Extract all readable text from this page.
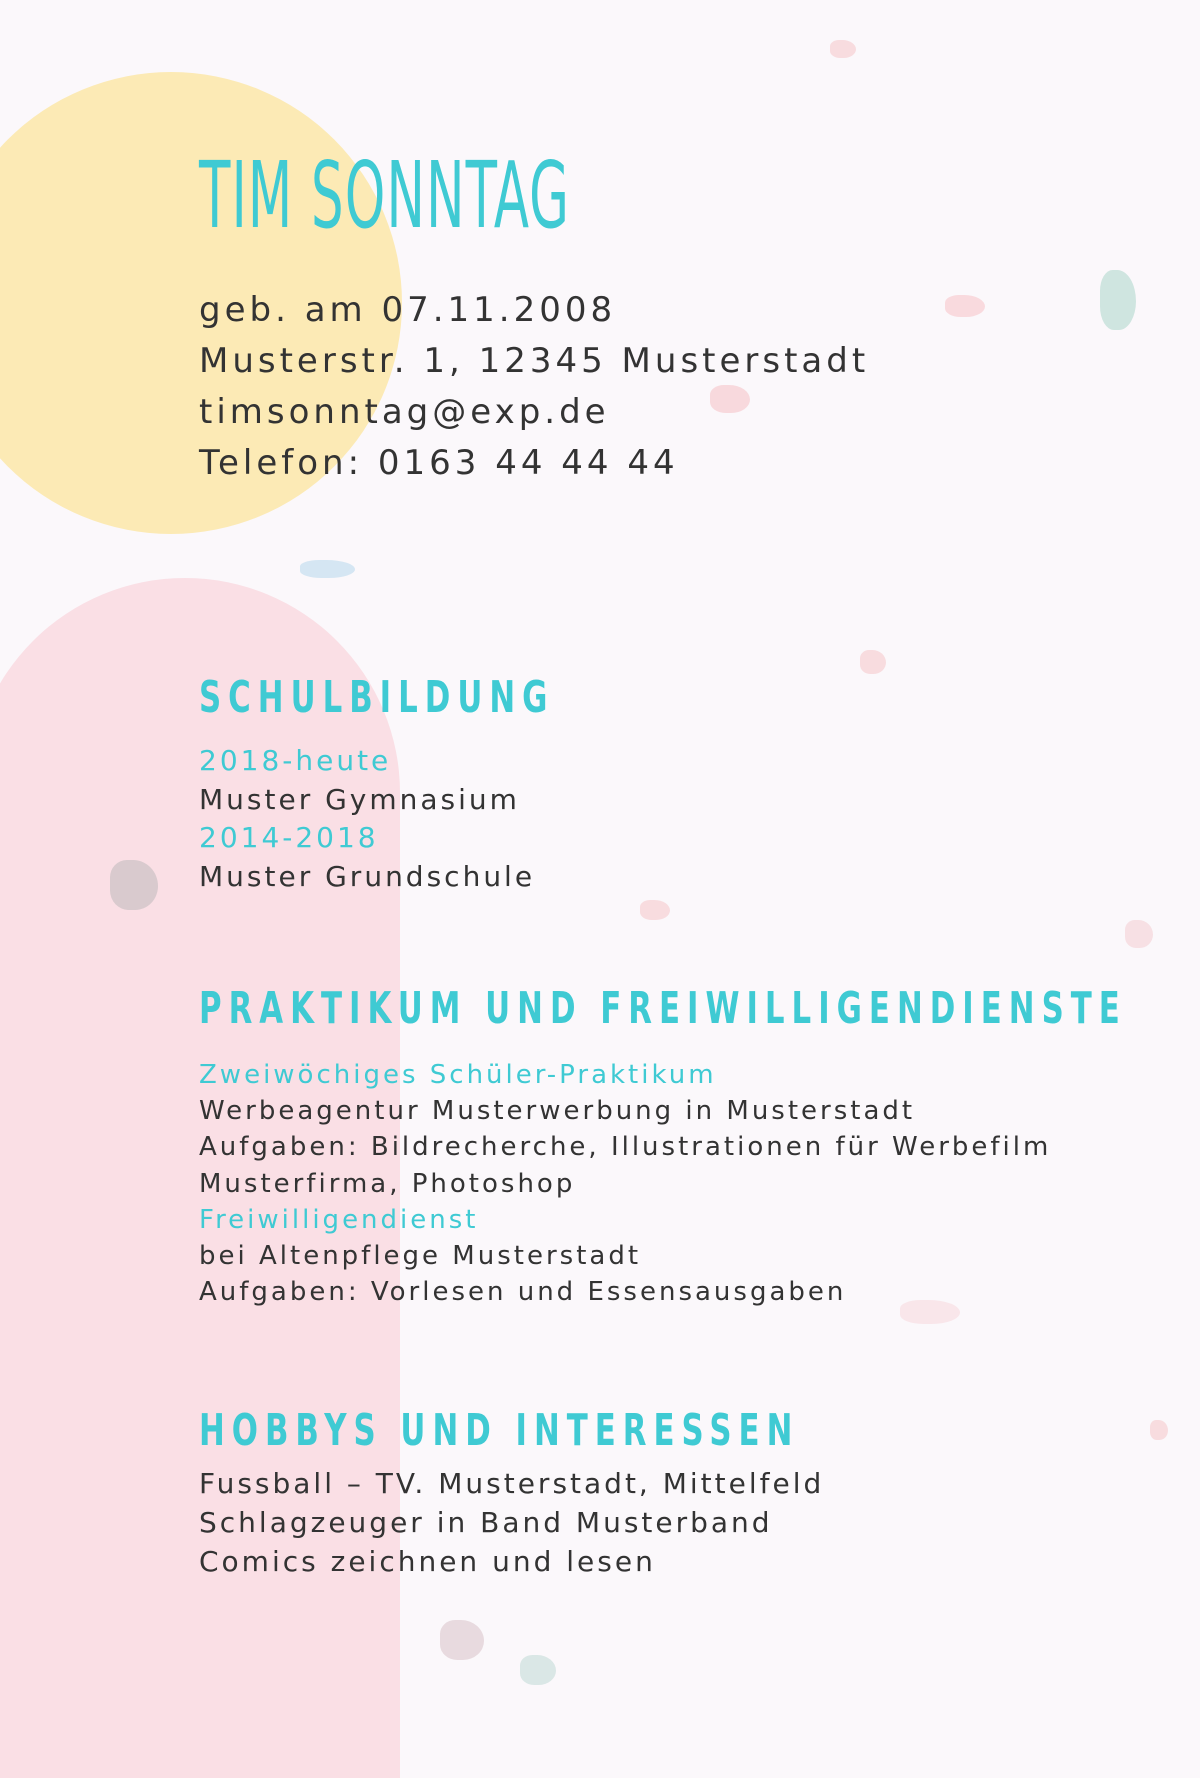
TIM SONNTAG
geb. am 07.11.2008
Musterstr. 1, 12345 Musterstadt
timsonntag@exp.de
Telefon: 0163 44 44 44
SCHULBILDUNG
2018-heute
Muster Gymnasium
2014-2018
Muster Grundschule
PRAKTIKUM UND FREIWILLIGENDIENSTE
Zweiwöchiges Schüler-Praktikum
Werbeagentur Musterwerbung in Musterstadt
Aufgaben: Bildrecherche, Illustrationen für Werbefilm
Musterfirma, Photoshop
Freiwilligendienst
bei Altenpflege Musterstadt
Aufgaben: Vorlesen und Essensausgaben
HOBBYS UND INTERESSEN
Fussball – TV. Musterstadt, Mittelfeld
Schlagzeuger in Band Musterband
Comics zeichnen und lesen
